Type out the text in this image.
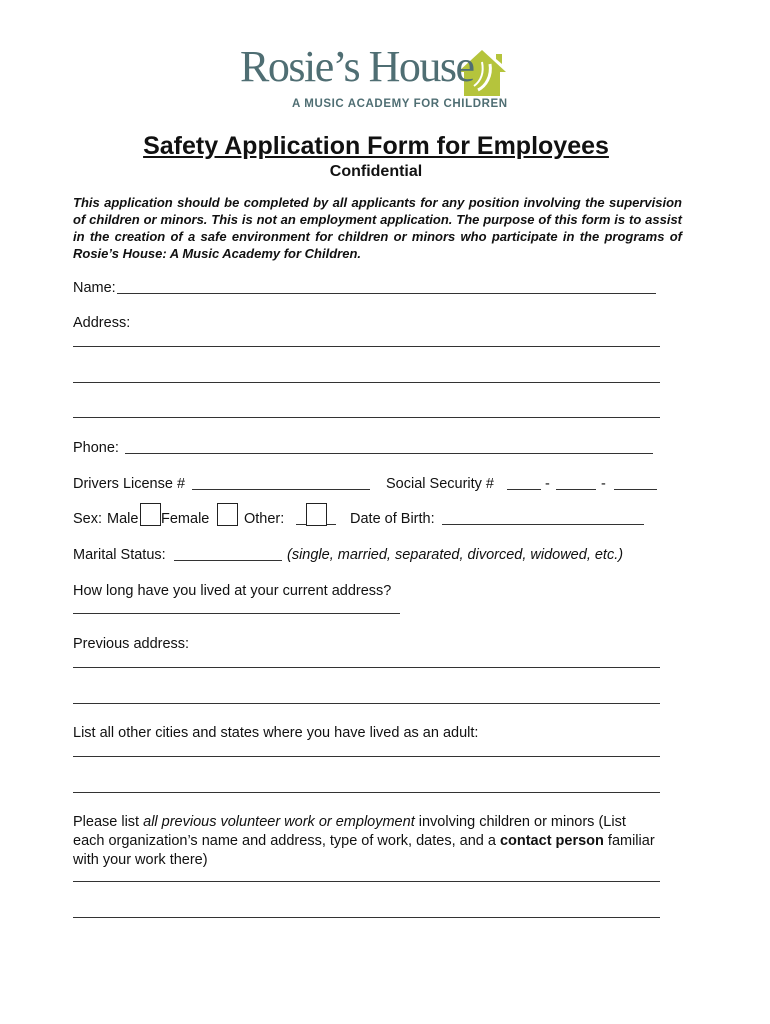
Rosie’s House
A MUSIC ACADEMY FOR CHILDREN
Safety Application Form for Employees
Confidential
This application should be completed by all applicants for any position involving the supervision of children or minors. This is not an employment application. The purpose of this form is to assist in the creation of a safe environment for children or minors who participate in the programs of Rosie’s House: A Music Academy for Children.
Name:
Address:
Phone:
Drivers License #	Social Security #	-	-
Sex: Male Female Other:	Date of Birth:
Marital Status:	(single, married, separated, divorced, widowed, etc.)
How long have you lived at your current address?
Previous address:
List all other cities and states where you have lived as an adult:
Please list all previous volunteer work or employment involving children or minors (List
each organization’s name and address, type of work, dates, and a contact person familiar
with your work there)
